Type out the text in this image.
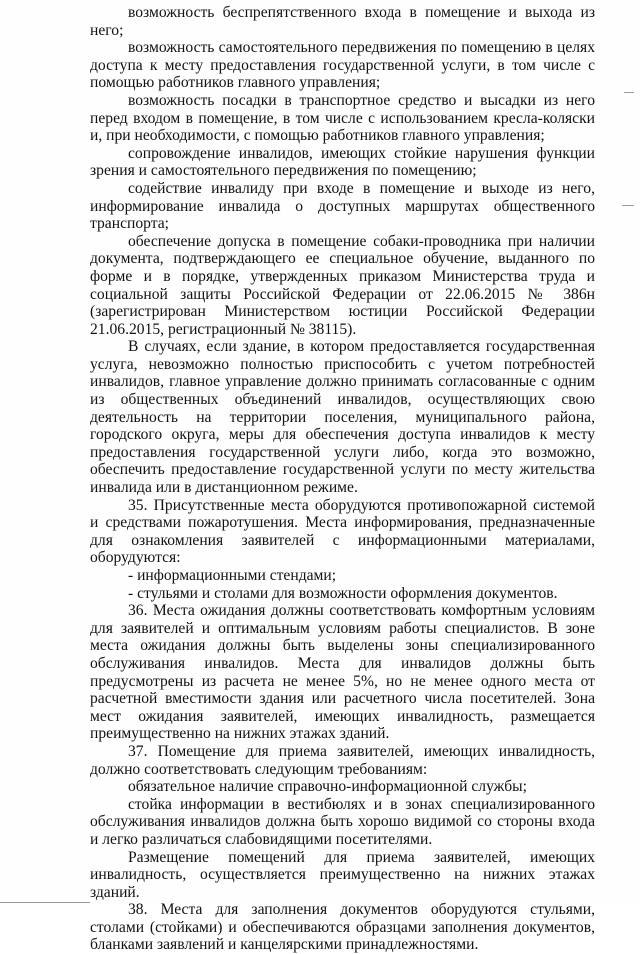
возможность беспрепятственного входа в помещение и выхода из него;

возможность самостоятельного передвижения по помещению в целях доступа к месту предоставления государственной услуги, в том числе с помощью работников главного управления;

возможность посадки в транспортное средство и высадки из него перед входом в помещение, в том числе с использованием кресла-коляски и, при необходимости, с помощью работников главного управления;

сопровождение инвалидов, имеющих стойкие нарушения функции зрения и самостоятельного передвижения по помещению;

содействие инвалиду при входе в помещение и выходе из него, информирование инвалида о доступных маршрутах общественного транспорта;

обеспечение допуска в помещение собаки-проводника при наличии документа, подтверждающего ее специальное обучение, выданного по форме и в порядке, утвержденных приказом Министерства труда и социальной защиты Российской Федерации от 22.06.2015 № 386н (зарегистрирован Министерством юстиции Российской Федерации 21.06.2015, регистрационный № 38115).

В случаях, если здание, в котором предоставляется государственная услуга, невозможно полностью приспособить с учетом потребностей инвалидов, главное управление должно принимать согласованные с одним из общественных объединений инвалидов, осуществляющих свою деятельность на территории поселения, муниципального района, городского округа, меры для обеспечения доступа инвалидов к месту предоставления государственной услуги либо, когда это возможно, обеспечить предоставление государственной услуги по месту жительства инвалида или в дистанционном режиме.

35. Присутственные места оборудуются противопожарной системой и средствами пожаротушения. Места информирования, предназначенные для ознакомления заявителей с информационными материалами, оборудуются:

- информационными стендами;

- стульями и столами для возможности оформления документов.

36. Места ожидания должны соответствовать комфортным условиям для заявителей и оптимальным условиям работы специалистов. В зоне места ожидания должны быть выделены зоны специализированного обслуживания инвалидов. Места для инвалидов должны быть предусмотрены из расчета не менее 5%, но не менее одного места от расчетной вместимости здания или расчетного числа посетителей. Зона мест ожидания заявителей, имеющих инвалидность, размещается преимущественно на нижних этажах зданий.

37. Помещение для приема заявителей, имеющих инвалидность, должно соответствовать следующим требованиям:

обязательное наличие справочно-информационной службы;

стойка информации в вестибюлях и в зонах специализированного обслуживания инвалидов должна быть хорошо видимой со стороны входа и легко различаться слабовидящими посетителями.

Размещение помещений для приема заявителей, имеющих инвалидность, осуществляется преимущественно на нижних этажах зданий.

38. Места для заполнения документов оборудуются стульями, столами (стойками) и обеспечиваются образцами заполнения документов, бланками заявлений и канцелярскими принадлежностями.
